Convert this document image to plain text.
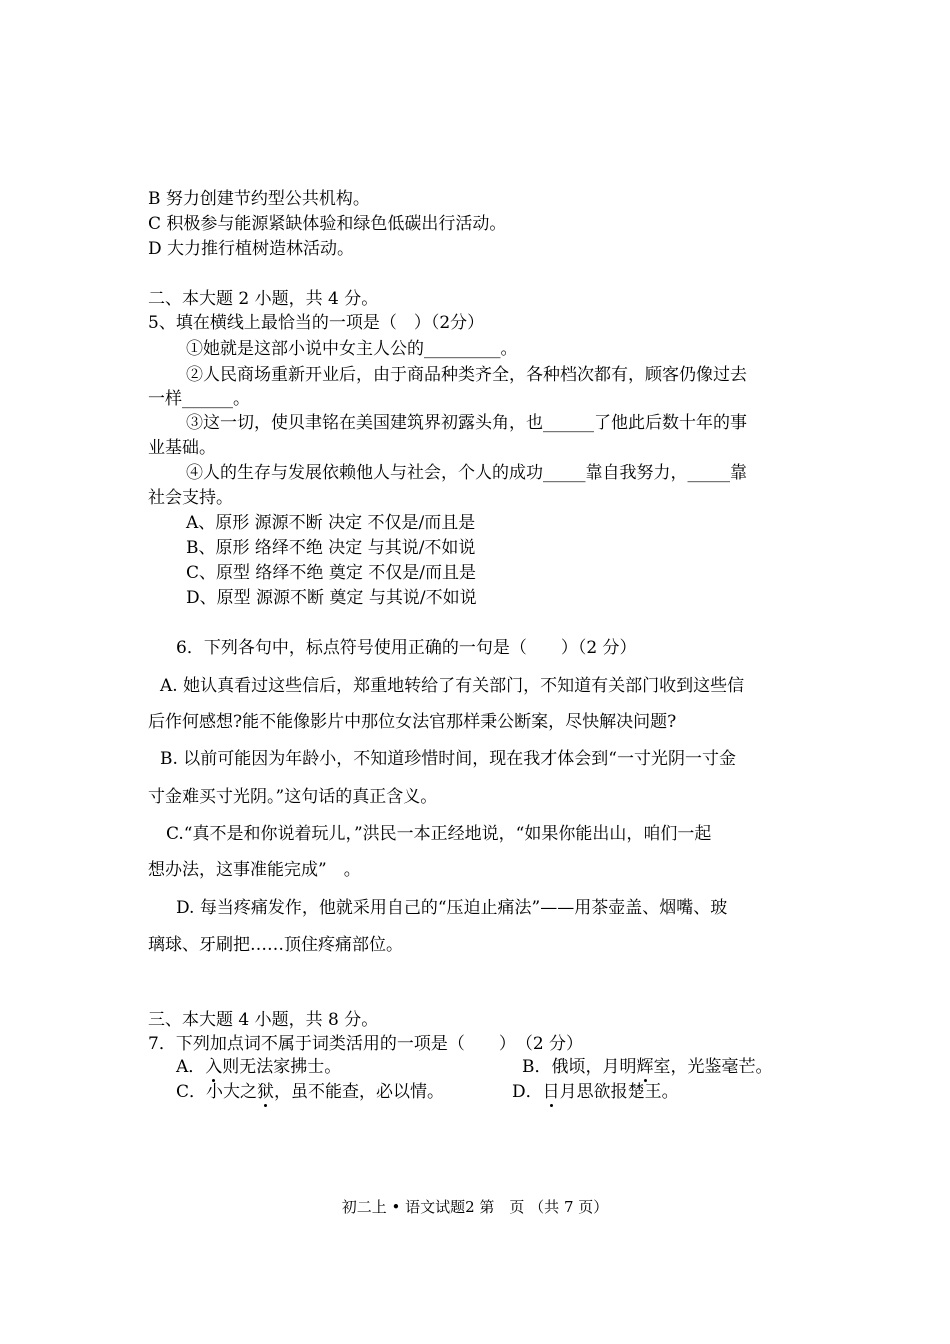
B 努力创建节约型公共机构。
C 积极参与能源紧缺体验和绿色低碳出行活动。
D 大力推行植树造林活动。
二、本大题 2 小题，共 4 分。
5、填在横线上最恰当的一项是（　）（2分）
①她就是这部小说中女主人公的_________。
②人民商场重新开业后，由于商品种类齐全，各种档次都有，顾客仍像过去
一样______。
③这一切，使贝聿铭在美国建筑界初露头角，也______了他此后数十年的事
业基础。
④人的生存与发展依赖他人与社会，个人的成功_____靠自我努力，_____靠
社会支持。
A、原形 源源不断 决定 不仅是/而且是
B、原形 络绎不绝 决定 与其说/不如说
C、原型 络绎不绝 奠定 不仅是/而且是
D、原型 源源不断 奠定 与其说/不如说
6．下列各句中，标点符号使用正确的一句是（　　）（2 分）
A. 她认真看过这些信后，郑重地转给了有关部门，不知道有关部门收到这些信
后作何感想?能不能像影片中那位女法官那样秉公断案，尽快解决问题?
B. 以前可能因为年龄小，不知道珍惜时间，现在我才体会到“一寸光阴一寸金
寸金难买寸光阴。”这句话的真正含义。
C.“真不是和你说着玩儿，”洪民一本正经地说，“如果你能出山，咱们一起
想办法，这事准能完成”　。
D. 每当疼痛发作，他就采用自己的“压迫止痛法”——用茶壶盖、烟嘴、玻
璃球、牙刷把……顶住疼痛部位。
三、本大题 4 小题，共 8 分。
7．下列加点词不属于词类活用的一项是（　　）　（2 分）
A．入则无法家拂士。	B．俄顷，月明辉室，光鉴毫芒。
C．小大之狱，虽不能查，必以情。	D．日月思欲报楚王。
初二上 • 语文试题2 第　页 （共 7 页）
